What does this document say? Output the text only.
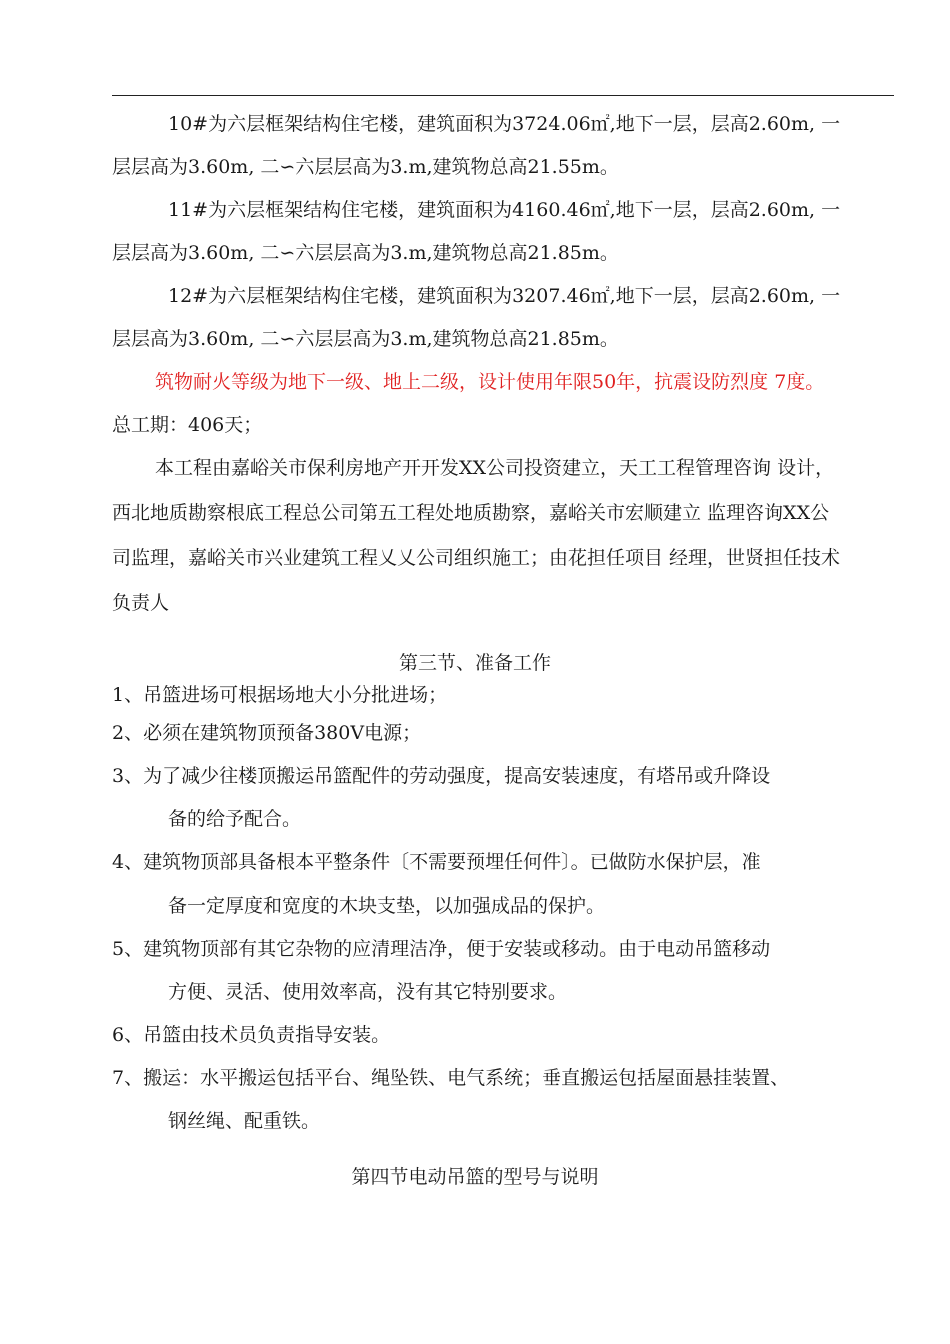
10#为六层框架结构住宅楼，建筑面积为3724.06㎡,地下一层，层高2.60m, 一
层层高为3.60m, 二∽六层层高为3.m,建筑物总高21.55m。
11#为六层框架结构住宅楼，建筑面积为4160.46㎡,地下一层，层高2.60m, 一
层层高为3.60m, 二∽六层层高为3.m,建筑物总高21.85m。
12#为六层框架结构住宅楼，建筑面积为3207.46㎡,地下一层，层高2.60m, 一
层层高为3.60m, 二∽六层层高为3.m,建筑物总高21.85m。
筑物耐火等级为地下一级、地上二级，设计使用年限50年，抗震设防烈度 7度。
总工期：406天；
本工程由嘉峪关市保利房地产开开发XX公司投资建立，天工工程管理咨询 设计，
西北地质勘察根底工程总公司第五工程处地质勘察，嘉峪关市宏顺建立 监理咨询XX公
司监理，嘉峪关市兴业建筑工程乂乂公司组织施工；由花担任项目 经理，世贤担任技术
负责人
第三节、准备工作
1、吊篮进场可根据场地大小分批进场；
2、必须在建筑物顶预备380V电源；
3、为了减少往楼顶搬运吊篮配件的劳动强度，提高安装速度，有塔吊或升降设
备的给予配合。
4、建筑物顶部具备根本平整条件〔不需要预埋任何件〕。已做防水保护层，准
备一定厚度和宽度的木块支垫，以加强成品的保护。
5、建筑物顶部有其它杂物的应清理洁净，便于安装或移动。由于电动吊篮移动
方便、灵活、使用效率高，没有其它特别要求。
6、吊篮由技术员负责指导安装。
7、搬运：水平搬运包括平台、绳坠铁、电气系统；垂直搬运包括屋面悬挂装置、
钢丝绳、配重铁。
第四节电动吊篮的型号与说明
